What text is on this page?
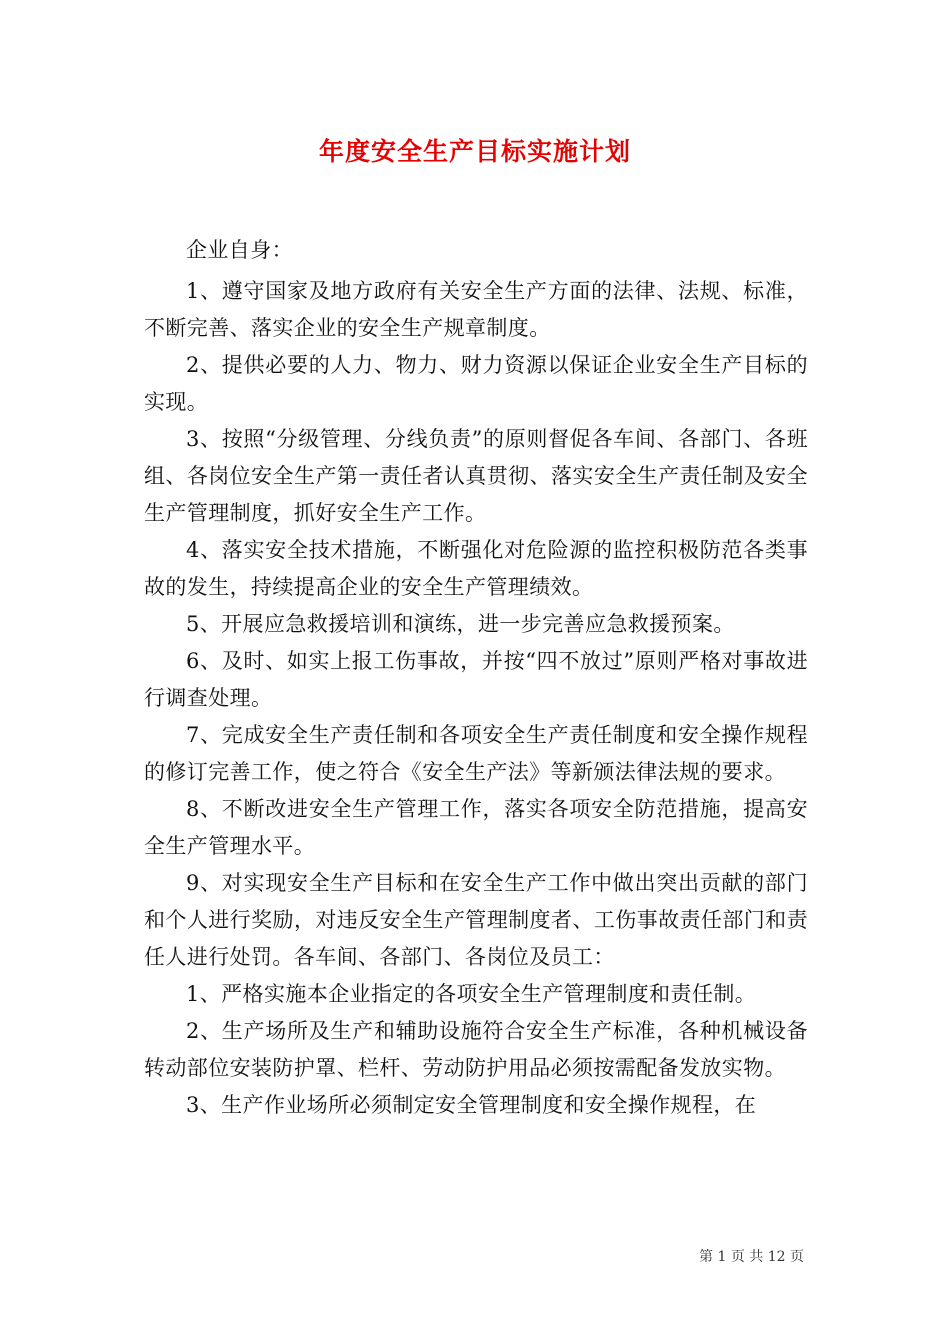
年度安全生产目标实施计划

企业自身：

1、遵守国家及地方政府有关安全生产方面的法律、法规、标准，不断完善、落实企业的安全生产规章制度。

2、提供必要的人力、物力、财力资源以保证企业安全生产目标的实现。

3、按照“分级管理、分线负责”的原则督促各车间、各部门、各班组、各岗位安全生产第一责任者认真贯彻、落实安全生产责任制及安全生产管理制度，抓好安全生产工作。

4、落实安全技术措施，不断强化对危险源的监控积极防范各类事故的发生，持续提高企业的安全生产管理绩效。

5、开展应急救援培训和演练，进一步完善应急救援预案。

6、及时、如实上报工伤事故，并按“四不放过”原则严格对事故进行调查处理。

7、完成安全生产责任制和各项安全生产责任制度和安全操作规程的修订完善工作，使之符合《安全生产法》等新颁法律法规的要求。

8、不断改进安全生产管理工作，落实各项安全防范措施，提高安全生产管理水平。

9、对实现安全生产目标和在安全生产工作中做出突出贡献的部门和个人进行奖励，对违反安全生产管理制度者、工伤事故责任部门和责任人进行处罚。各车间、各部门、各岗位及员工：

1、严格实施本企业指定的各项安全生产管理制度和责任制。

2、生产场所及生产和辅助设施符合安全生产标准，各种机械设备转动部位安装防护罩、栏杆、劳动防护用品必须按需配备发放实物。

3、生产作业场所必须制定安全管理制度和安全操作规程，在

第 1 页 共 12 页
